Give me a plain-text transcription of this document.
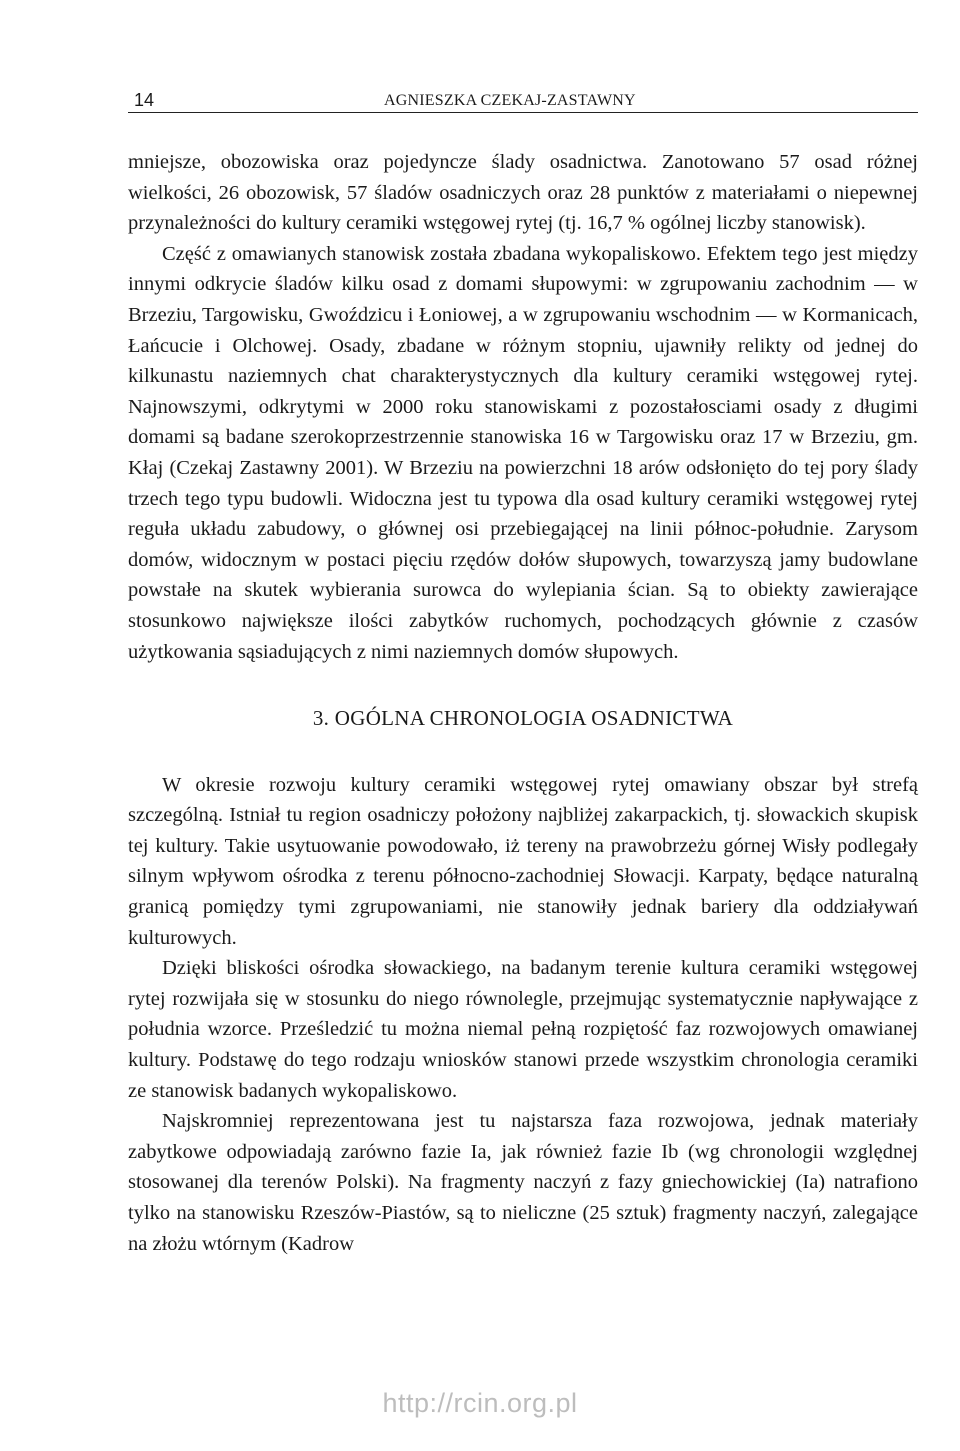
14	AGNIESZKA CZEKAJ-ZASTAWNY

mniejsze, obozowiska oraz pojedyncze ślady osadnictwa. Zanotowano 57 osad różnej wielkości, 26 obozowisk, 57 śladów osadniczych oraz 28 punktów z materiałami o niepewnej przynależności do kultury ceramiki wstęgowej rytej (tj. 16,7 % ogólnej liczby stanowisk).

Część z omawianych stanowisk została zbadana wykopaliskowo. Efektem tego jest między innymi odkrycie śladów kilku osad z domami słupowymi: w zgrupowaniu zachodnim — w Brzeziu, Targowisku, Gwoździcu i Łoniowej, a w zgrupowaniu wschodnim — w Kormanicach, Łańcucie i Olchowej. Osady, zbadane w różnym stopniu, ujawniły relikty od jednej do kilkunastu naziemnych chat charakterystycznych dla kultury ceramiki wstęgowej rytej. Najnowszymi, odkrytymi w 2000 roku stanowiskami z pozostałosciami osady z długimi domami są badane szerokoprzestrzennie stanowiska 16 w Targowisku oraz 17 w Brzeziu, gm. Kłaj (Czekaj Zastawny 2001). W Brzeziu na powierzchni 18 arów odsłonięto do tej pory ślady trzech tego typu budowli. Widoczna jest tu typowa dla osad kultury ceramiki wstęgowej rytej reguła układu zabudowy, o głównej osi przebiegającej na linii północ-południe. Zarysom domów, widocznym w postaci pięciu rzędów dołów słupowych, towarzyszą jamy budowlane powstałe na skutek wybierania surowca do wylepiania ścian. Są to obiekty zawierające stosunkowo największe ilości zabytków ruchomych, pochodzących głównie z czasów użytkowania sąsiadujących z nimi naziemnych domów słupowych.

3. OGÓLNA CHRONOLOGIA OSADNICTWA

W okresie rozwoju kultury ceramiki wstęgowej rytej omawiany obszar był strefą szczególną. Istniał tu region osadniczy położony najbliżej zakarpackich, tj. słowackich skupisk tej kultury. Takie usytuowanie powodowało, iż tereny na prawobrzeżu górnej Wisły podlegały silnym wpływom ośrodka z terenu północno-zachodniej Słowacji. Karpaty, będące naturalną granicą pomiędzy tymi zgrupowaniami, nie stanowiły jednak bariery dla oddziaływań kulturowych.

Dzięki bliskości ośrodka słowackiego, na badanym terenie kultura ceramiki wstęgowej rytej rozwijała się w stosunku do niego równolegle, przejmując systematycznie napływające z południa wzorce. Prześledzić tu można niemal pełną rozpiętość faz rozwojowych omawianej kultury. Podstawę do tego rodzaju wniosków stanowi przede wszystkim chronologia ceramiki ze stanowisk badanych wykopaliskowo.

Najskromniej reprezentowana jest tu najstarsza faza rozwojowa, jednak materiały zabytkowe odpowiadają zarówno fazie Ia, jak również fazie Ib (wg chronologii względnej stosowanej dla terenów Polski). Na fragmenty naczyń z fazy gniechowickiej (Ia) natrafiono tylko na stanowisku Rzeszów-Piastów, są to nieliczne (25 sztuk) fragmenty naczyń, zalegające na złożu wtórnym (Kadrow

http://rcin.org.pl
